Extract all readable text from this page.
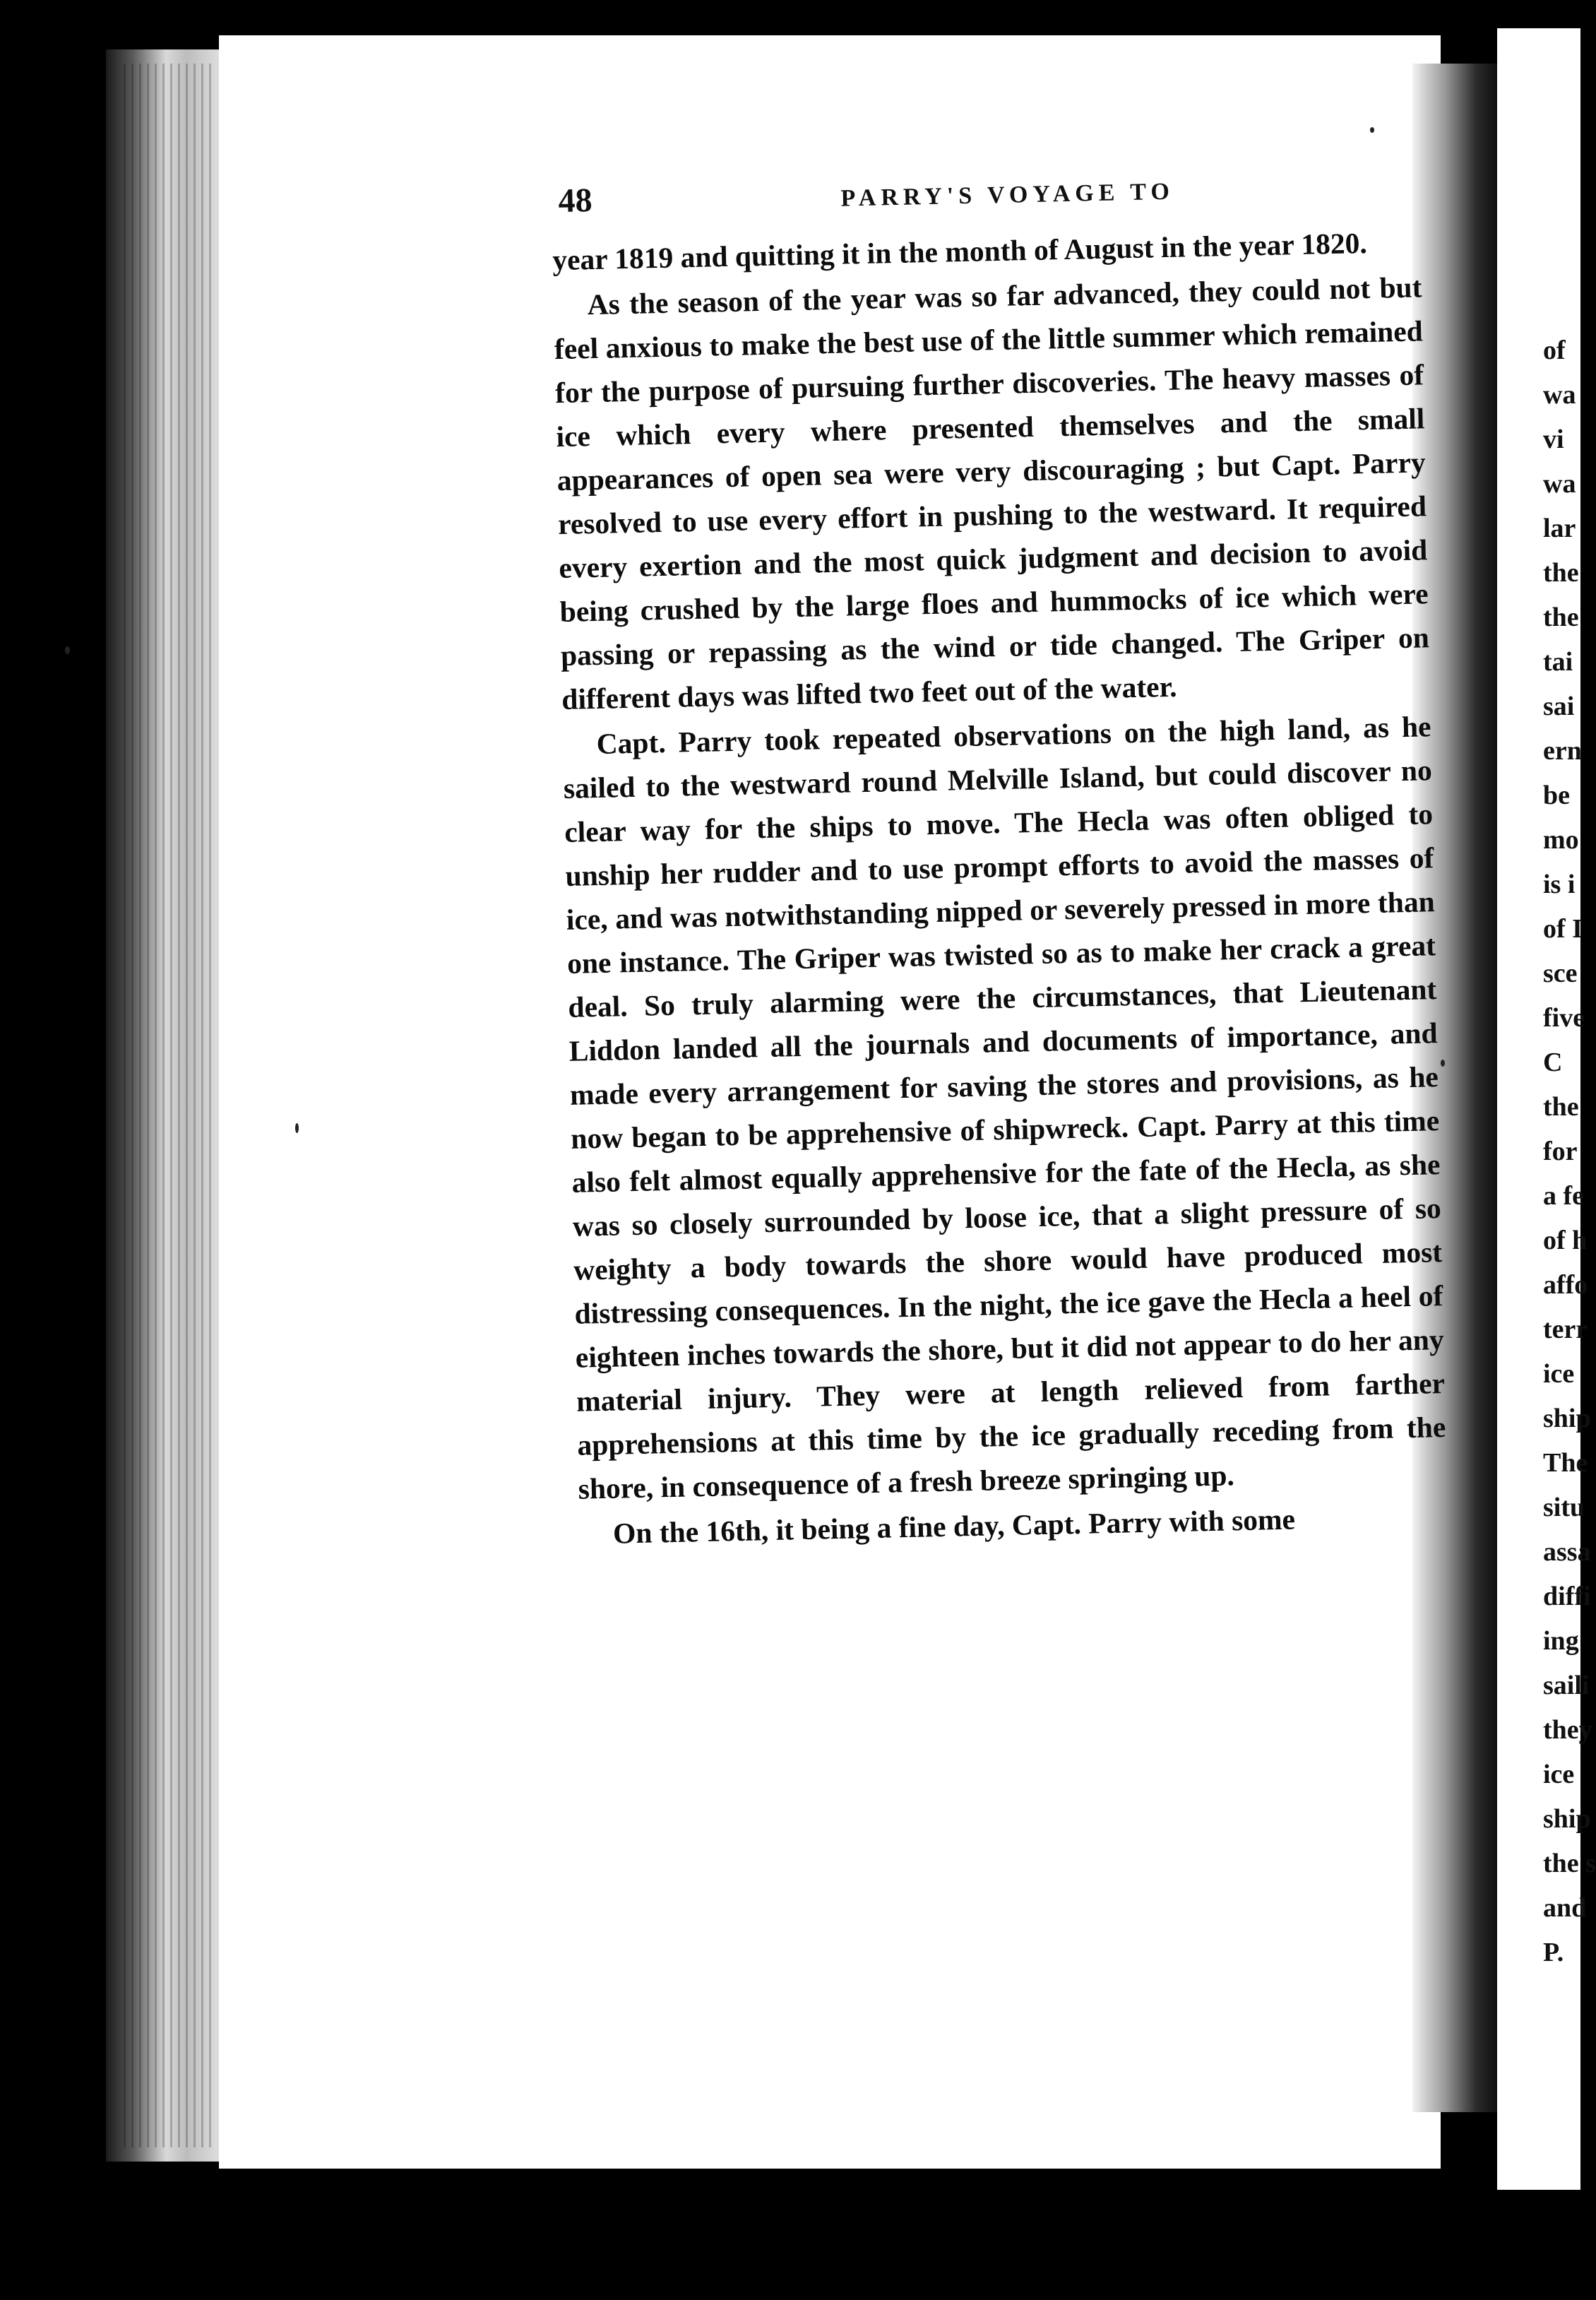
48	PARRY'S VOYAGE TO

year 1819 and quitting it in the month of August in the year 1820.

As the season of the year was so far advanced, they could not but feel anxious to make the best use of the little summer which remained for the purpose of pursuing further discoveries. The heavy masses of ice which every where presented themselves and the small appearances of open sea were very discouraging ; but Capt. Parry resolved to use every effort in pushing to the westward. It required every exertion and the most quick judgment and decision to avoid being crushed by the large floes and hummocks of ice which were passing or repassing as the wind or tide changed. The Griper on different days was lifted two feet out of the water.

Capt. Parry took repeated observations on the high land, as he sailed to the westward round Melville Island, but could discover no clear way for the ships to move. The Hecla was often obliged to unship her rudder and to use prompt efforts to avoid the masses of ice, and was notwithstanding nipped or severely pressed in more than one instance. The Griper was twisted so as to make her crack a great deal. So truly alarming were the circumstances, that Lieutenant Liddon landed all the journals and documents of importance, and made every arrangement for saving the stores and provisions, as he now began to be apprehensive of shipwreck. Capt. Parry at this time also felt almost equally apprehensive for the fate of the Hecla, as she was so closely surrounded by loose ice, that a slight pressure of so weighty a body towards the shore would have produced most distressing consequences. In the night, the ice gave the Hecla a heel of eighteen inches towards the shore, but it did not appear to do her any material injury. They were at length relieved from farther apprehensions at this time by the ice gradually receding from the shore, in consequence of a fresh breeze springing up.

On the 16th, it being a fine day, Capt. Parry with some

of
wa
vi
wa
lar
the
the
tai
sai
ern
be
mo
is i
of I
sce
five
C
the
for
a fe
of h
affo
terr
ice
ship
The
situ
assa
diffi
ing
saili
they
ice
ship
the s
and
P.
